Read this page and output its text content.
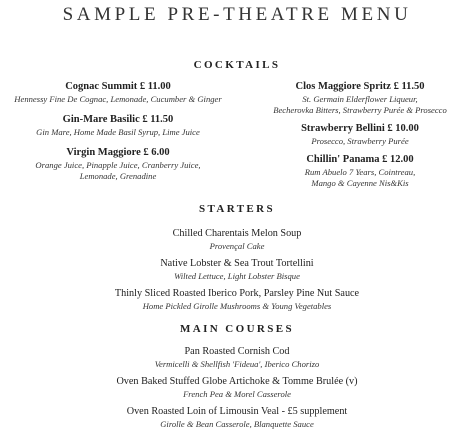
SAMPLE PRE-THEATRE MENU
COCKTAILS
Cognac Summit £ 11.00
Hennessy Fine De Cognac, Lemonade, Cucumber & Ginger
Gin-Mare Basilic £ 11.50
Gin Mare, Home Made Basil Syrup, Lime Juice
Virgin Maggiore £ 6.00
Orange Juice, Pinapple Juice, Cranberry Juice,
Lemonade, Grenadine
Clos Maggiore Spritz £ 11.50
St. Germain Elderflower Liqueur,
Becherovka Bitters, Strawberry Purée & Prosecco
Strawberry Bellini £ 10.00
Prosecco, Strawberry Purée
Chillin' Panama £ 12.00
Rum Abuelo 7 Years, Cointreau,
Mango & Cayenne Nis&Kis
STARTERS
Chilled Charentais Melon Soup
Provençal Cake
Native Lobster & Sea Trout Tortellini
Wilted Lettuce, Light Lobster Bisque
Thinly Sliced Roasted Iberico Pork, Parsley Pine Nut Sauce
Home Pickled Girolle Mushrooms & Young Vegetables
MAIN COURSES
Pan Roasted Cornish Cod
Vermicelli & Shellfish 'Fideua', Iberico Chorizo
Oven Baked Stuffed Globe Artichoke & Tomme Brulée (v)
French Pea & Morel Casserole
Oven Roasted Loin of Limousin Veal - £5 supplement
Girolle & Bean Casserole, Blanquette Sauce
